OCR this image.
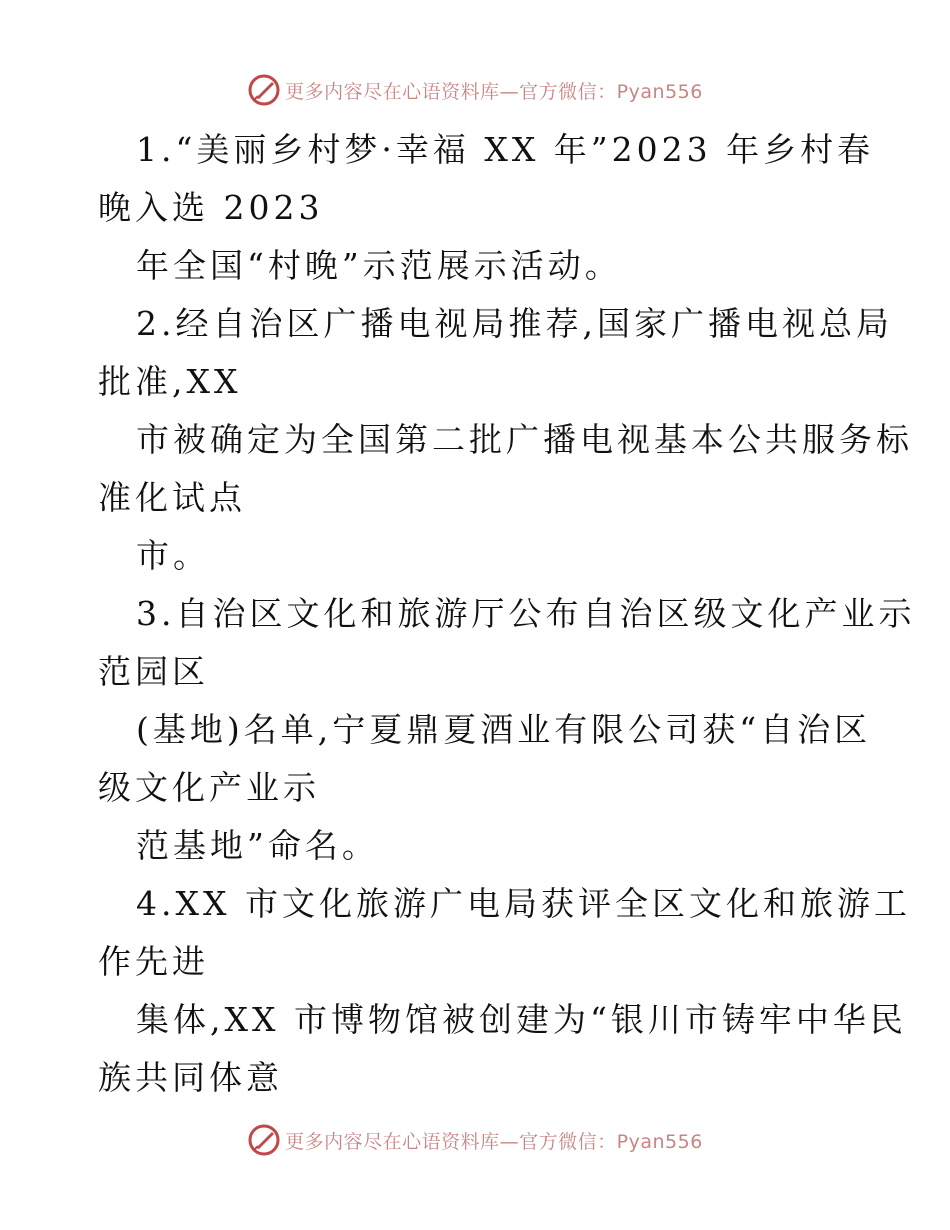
更多内容尽在心语资料库—官方微信：Pyan556
1.“美丽乡村梦·幸福 XX 年”2023 年乡村春
晚入选 2023
年全国“村晚”示范展示活动。
2.经自治区广播电视局推荐,国家广播电视总局
批准,XX
市被确定为全国第二批广播电视基本公共服务标
准化试点
市。
3.自治区文化和旅游厅公布自治区级文化产业示
范园区
(基地)名单,宁夏鼎夏酒业有限公司获“自治区
级文化产业示
范基地”命名。
4.XX 市文化旅游广电局获评全区文化和旅游工
作先进
集体,XX 市博物馆被创建为“银川市铸牢中华民
族共同体意
更多内容尽在心语资料库—官方微信：Pyan556
